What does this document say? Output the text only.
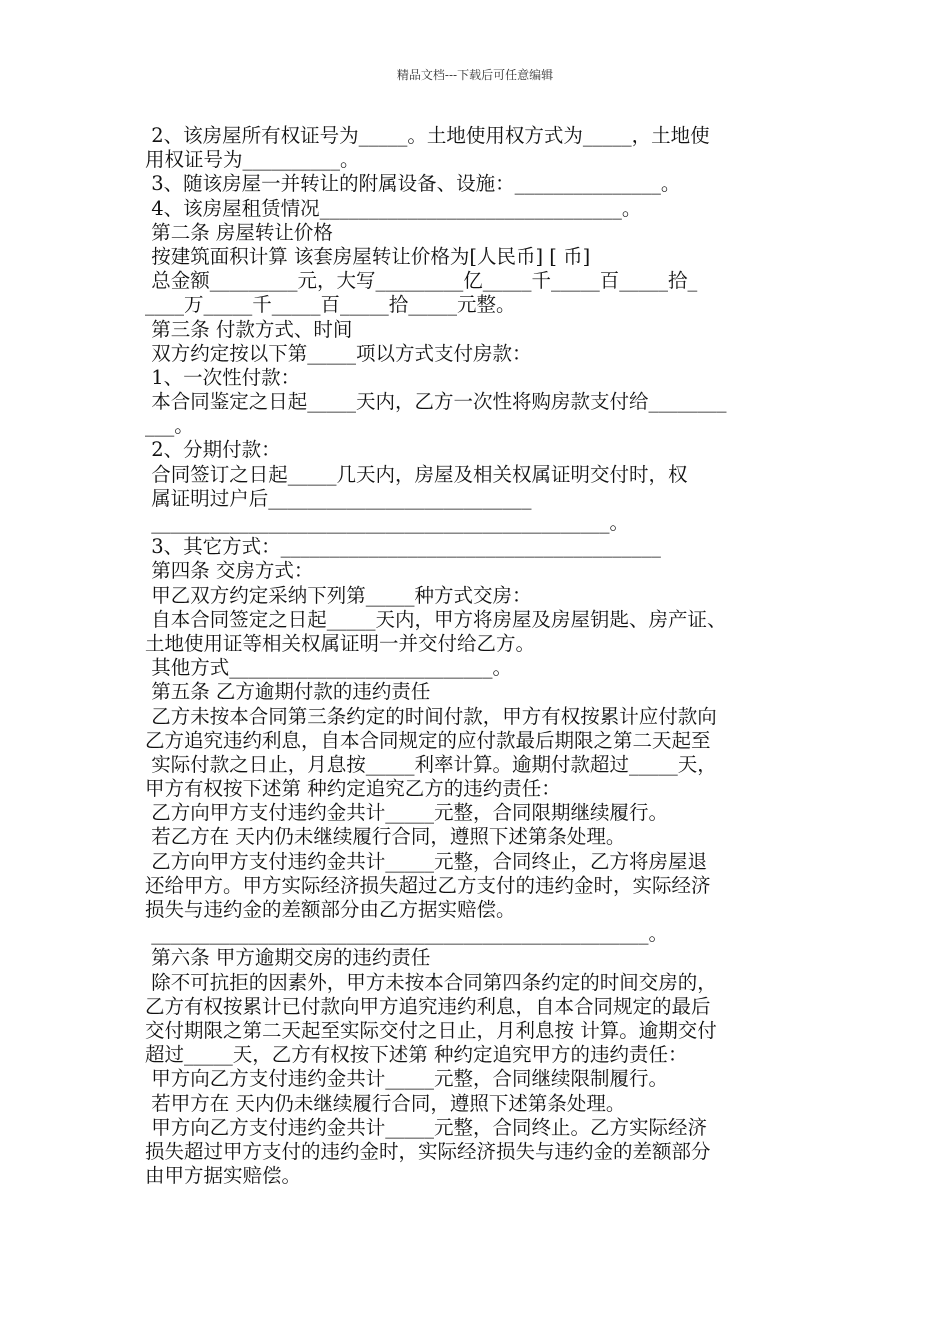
精品文档---下载后可任意编辑
2、该房屋所有权证号为_____。土地使用权方式为_____，土地使
用权证号为__________。
3、随该房屋一并转让的附属设备、设施：_______________。
4、该房屋租赁情况_______________________________。
第二条 房屋转让价格
按建筑面积计算 该套房屋转让价格为[人民币] [ 币]
总金额_________元，大写_________亿_____千_____百_____拾_
____万_____千_____百_____拾_____元整。
第三条 付款方式、时间
双方约定按以下第_____项以方式支付房款：
1、一次性付款：
本合同鉴定之日起_____天内，乙方一次性将购房款支付给________
___。
2、分期付款：
合同签订之日起_____几天内，房屋及相关权属证明交付时，权
属证明过户后___________________________
_______________________________________________。
3、其它方式：_______________________________________
第四条 交房方式：
甲乙双方约定采纳下列第_____种方式交房：
自本合同签定之日起_____天内，甲方将房屋及房屋钥匙、房产证、
土地使用证等相关权属证明一并交付给乙方。
其他方式___________________________。
第五条 乙方逾期付款的违约责任
乙方未按本合同第三条约定的时间付款，甲方有权按累计应付款向
乙方追究违约利息，自本合同规定的应付款最后期限之第二天起至
实际付款之日止，月息按_____利率计算。逾期付款超过_____天，
甲方有权按下述第 种约定追究乙方的违约责任：
乙方向甲方支付违约金共计_____元整，合同限期继续履行。
若乙方在 天内仍未继续履行合同，遵照下述第条处理。
乙方向甲方支付违约金共计_____元整，合同终止，乙方将房屋退
还给甲方。甲方实际经济损失超过乙方支付的违约金时，实际经济
损失与违约金的差额部分由乙方据实赔偿。
___________________________________________________。
第六条 甲方逾期交房的违约责任
除不可抗拒的因素外，甲方未按本合同第四条约定的时间交房的，
乙方有权按累计已付款向甲方追究违约利息，自本合同规定的最后
交付期限之第二天起至实际交付之日止，月利息按 计算。逾期交付
超过_____天，乙方有权按下述第 种约定追究甲方的违约责任：
甲方向乙方支付违约金共计_____元整，合同继续限制履行。
若甲方在 天内仍未继续履行合同，遵照下述第条处理。
甲方向乙方支付违约金共计_____元整，合同终止。乙方实际经济
损失超过甲方支付的违约金时，实际经济损失与违约金的差额部分
由甲方据实赔偿。
